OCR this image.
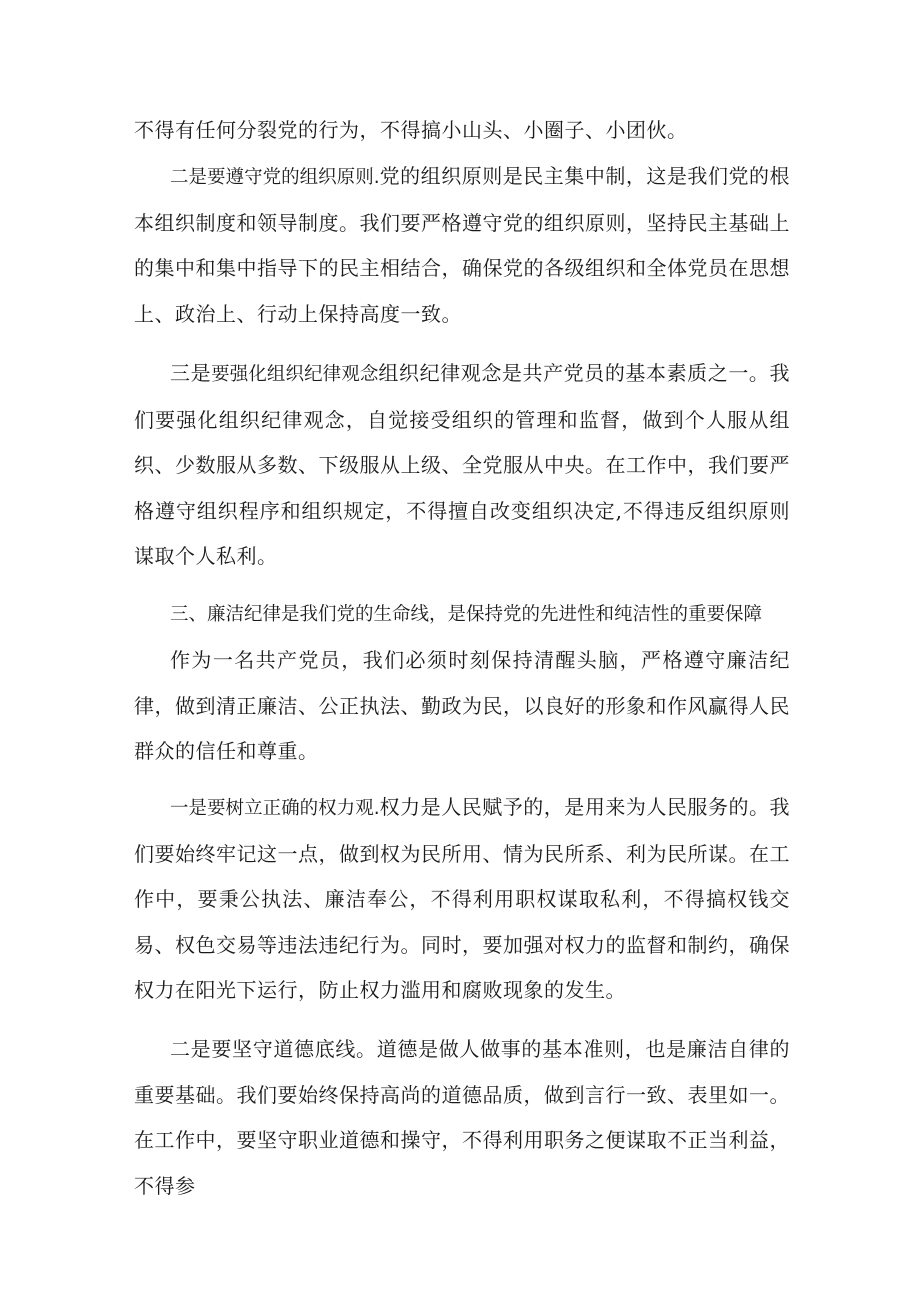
不得有任何分裂党的行为，不得搞小山头、小圈子、小团伙。

二是要遵守党的组织原则.党的组织原则是民主集中制，这是我们党的根本组织制度和领导制度。我们要严格遵守党的组织原则，坚持民主基础上的集中和集中指导下的民主相结合，确保党的各级组织和全体党员在思想上、政治上、行动上保持高度一致。

三是要强化组织纪律观念组织纪律观念是共产党员的基本素质之一。我们要强化组织纪律观念，自觉接受组织的管理和监督，做到个人服从组织、少数服从多数、下级服从上级、全党服从中央。在工作中，我们要严格遵守组织程序和组织规定，不得擅自改变组织决定,不得违反组织原则谋取个人私利。

三、廉洁纪律是我们党的生命线，是保持党的先进性和纯洁性的重要保障

作为一名共产党员，我们必须时刻保持清醒头脑，严格遵守廉洁纪律，做到清正廉洁、公正执法、勤政为民，以良好的形象和作风赢得人民群众的信任和尊重。

一是要树立正确的权力观.权力是人民赋予的，是用来为人民服务的。我们要始终牢记这一点，做到权为民所用、情为民所系、利为民所谋。在工作中，要秉公执法、廉洁奉公，不得利用职权谋取私利，不得搞权钱交易、权色交易等违法违纪行为。同时，要加强对权力的监督和制约，确保权力在阳光下运行，防止权力滥用和腐败现象的发生。

二是要坚守道德底线。道德是做人做事的基本准则，也是廉洁自律的重要基础。我们要始终保持高尚的道德品质，做到言行一致、表里如一。在工作中，要坚守职业道德和操守，不得利用职务之便谋取不正当利益，不得参
